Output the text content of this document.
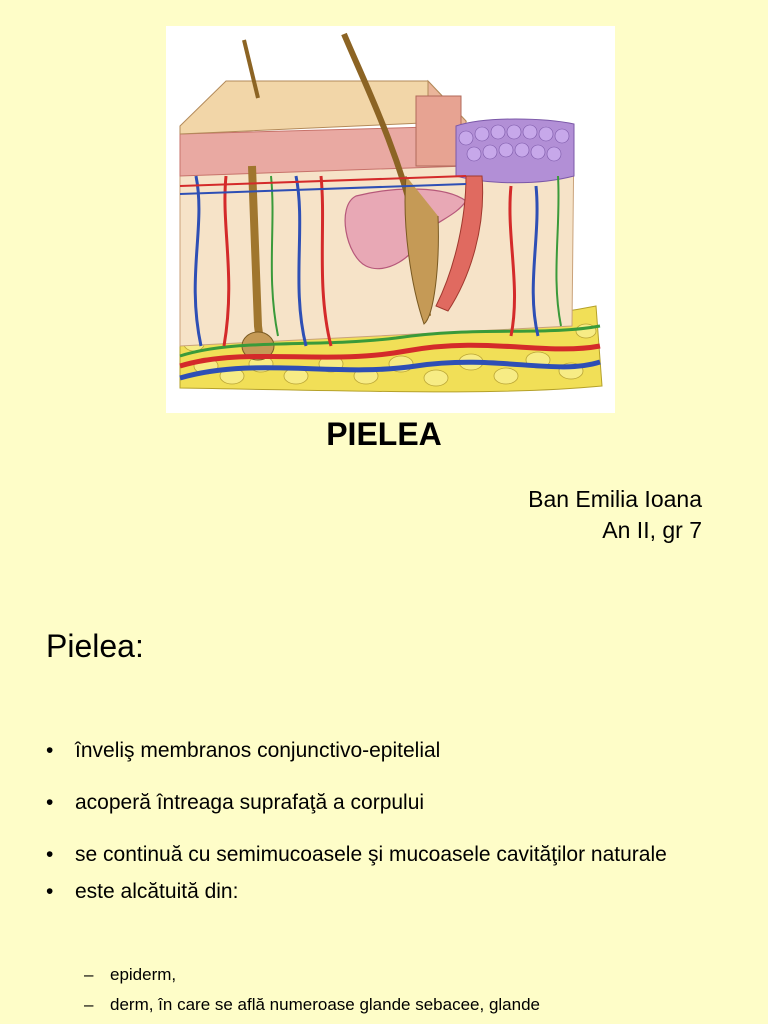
PIELEA
Ban Emilia Ioana
An II, gr 7
Pielea:
•	înveliş membranos conjunctivo-epitelial
•	acoperă întreaga suprafaţă a corpului
•	se continuă cu semimucoasele şi mucoasele cavităţilor naturale
•	este alcătuită din:
– epiderm,
– derm, în care se află numeroase glande sebacee, glande
